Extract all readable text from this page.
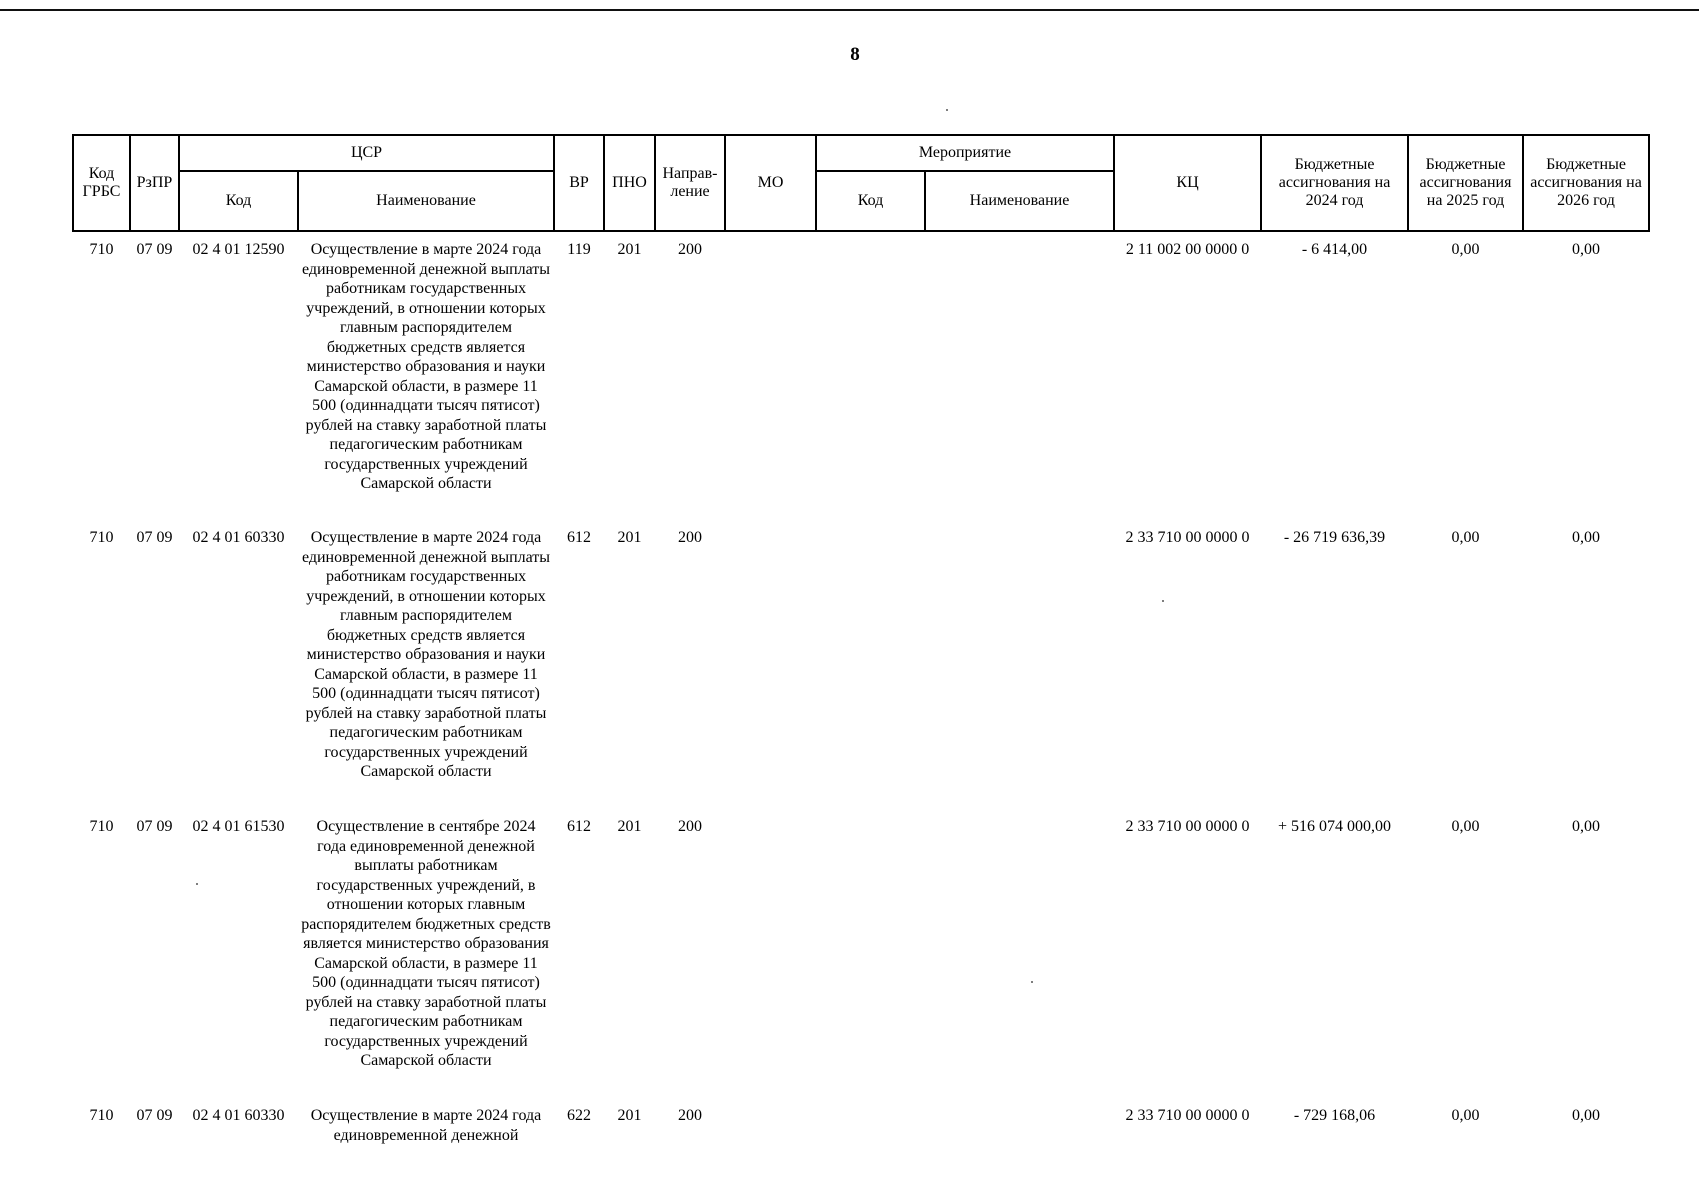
8
Код ГРБС	РзПР	ЦСР		ВР	ПНО	Направ-ление	МО	Мероприятие		КЦ	Бюджетные ассигнования на 2024 год	Бюджетные ассигнования на 2025 год	Бюджетные ассигнования на 2026 год
		Код	Наименование					Код	Наименование				
710	07 09	02 4 01 12590	Осуществление в марте 2024 года единовременной денежной выплаты работникам государственных учреждений, в отношении которых главным распорядителем бюджетных средств является министерство образования и науки Самарской области, в размере 11 500 (одиннадцати тысяч пятисот) рублей на ставку заработной платы педагогическим работникам государственных учреждений Самарской области	119	201	200				2 11 002 00 0000 0	- 6 414,00	0,00	0,00
710	07 09	02 4 01 60330	Осуществление в марте 2024 года единовременной денежной выплаты работникам государственных учреждений, в отношении которых главным распорядителем бюджетных средств является министерство образования и науки Самарской области, в размере 11 500 (одиннадцати тысяч пятисот) рублей на ставку заработной платы педагогическим работникам государственных учреждений Самарской области	612	201	200				2 33 710 00 0000 0	- 26 719 636,39	0,00	0,00
710	07 09	02 4 01 61530	Осуществление в сентябре 2024 года единовременной денежной выплаты работникам государственных учреждений, в отношении которых главным распорядителем бюджетных средств является министерство образования Самарской области, в размере 11 500 (одиннадцати тысяч пятисот) рублей на ставку заработной платы педагогическим работникам государственных учреждений Самарской области	612	201	200				2 33 710 00 0000 0	+ 516 074 000,00	0,00	0,00
710	07 09	02 4 01 60330	Осуществление в марте 2024 года единовременной денежной	622	201	200				2 33 710 00 0000 0	- 729 168,06	0,00	0,00
